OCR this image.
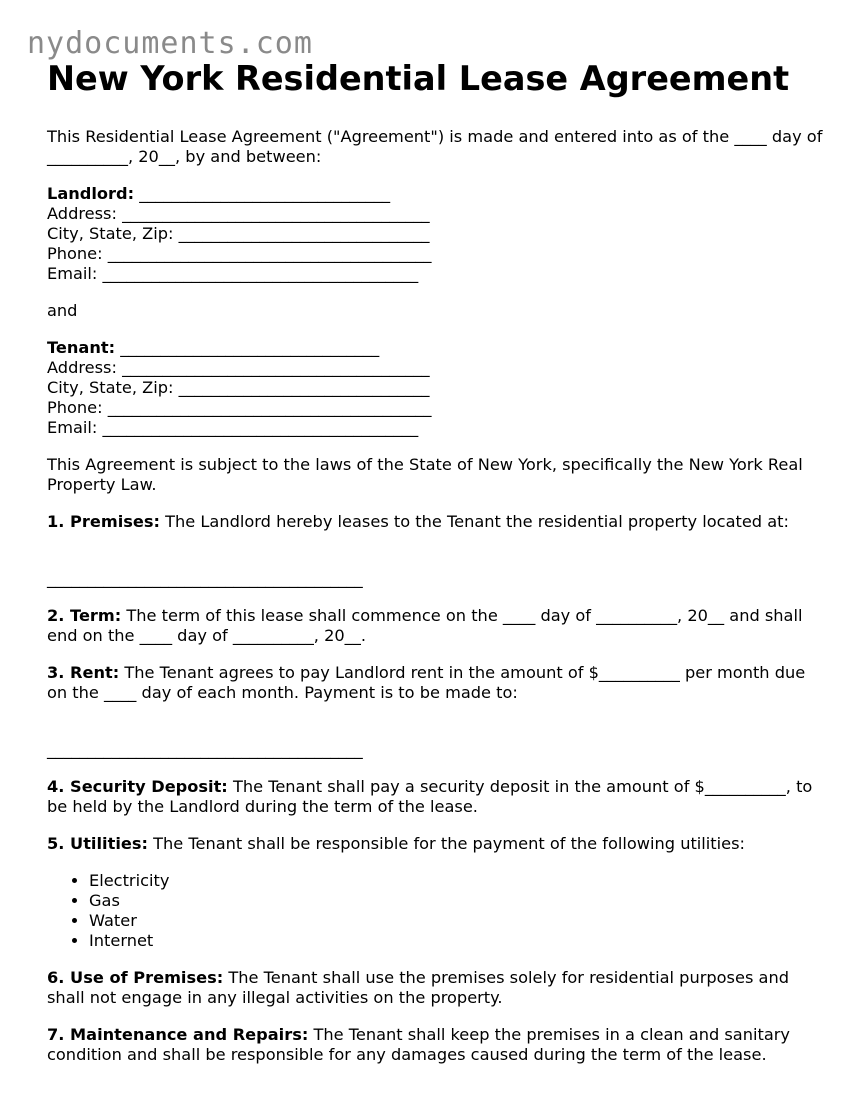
nydocuments.com
New York Residential Lease Agreement

This Residential Lease Agreement ("Agreement") is made and entered into as of the ____ day of __________, 20__, by and between:

Landlord: _______________________________
Address: ______________________________________
City, State, Zip: _______________________________
Phone: ________________________________________
Email: _______________________________________

and

Tenant: ________________________________
Address: ______________________________________
City, State, Zip: _______________________________
Phone: ________________________________________
Email: _______________________________________

This Agreement is subject to the laws of the State of New York, specifically the New York Real Property Law.

1. Premises: The Landlord hereby leases to the Tenant the residential property located at:

_______________________________________

2. Term: The term of this lease shall commence on the ____ day of __________, 20__ and shall end on the ____ day of __________, 20__.

3. Rent: The Tenant agrees to pay Landlord rent in the amount of $__________ per month due on the ____ day of each month. Payment is to be made to:

_______________________________________

4. Security Deposit: The Tenant shall pay a security deposit in the amount of $__________, to be held by the Landlord during the term of the lease.

5. Utilities: The Tenant shall be responsible for the payment of the following utilities:

• Electricity
• Gas
• Water
• Internet

6. Use of Premises: The Tenant shall use the premises solely for residential purposes and shall not engage in any illegal activities on the property.

7. Maintenance and Repairs: The Tenant shall keep the premises in a clean and sanitary condition and shall be responsible for any damages caused during the term of the lease.
